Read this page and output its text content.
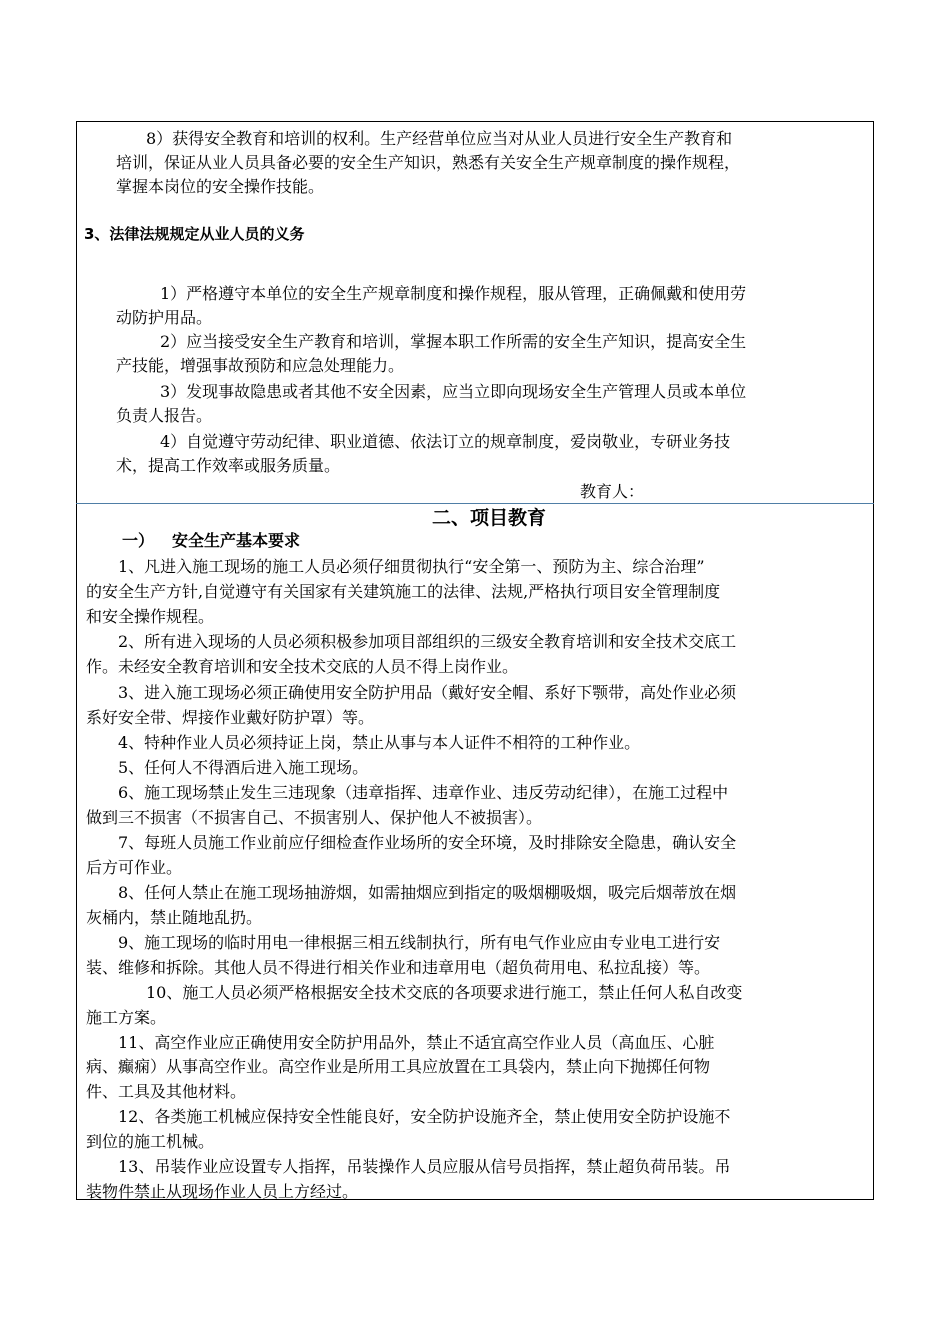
8）获得安全教育和培训的权利。生产经营单位应当对从业人员进行安全生产教育和
培训，保证从业人员具备必要的安全生产知识，熟悉有关安全生产规章制度的操作规程，
掌握本岗位的安全操作技能。
3、法律法规规定从业人员的义务
1）严格遵守本单位的安全生产规章制度和操作规程，服从管理，正确佩戴和使用劳
动防护用品。
2）应当接受安全生产教育和培训，掌握本职工作所需的安全生产知识，提高安全生
产技能，增强事故预防和应急处理能力。
3）发现事故隐患或者其他不安全因素，应当立即向现场安全生产管理人员或本单位
负责人报告。
4）自觉遵守劳动纪律、职业道德、依法订立的规章制度，爱岗敬业，专研业务技
术，提高工作效率或服务质量。
教育人：
二、项目教育
一） 安全生产基本要求
1、凡进入施工现场的施工人员必须仔细贯彻执行“安全第一、预防为主、综合治理”
的安全生产方针,自觉遵守有关国家有关建筑施工的法律、法规,严格执行项目安全管理制度
和安全操作规程。
2、所有进入现场的人员必须积极参加项目部组织的三级安全教育培训和安全技术交底工
作。未经安全教育培训和安全技术交底的人员不得上岗作业。
3、进入施工现场必须正确使用安全防护用品（戴好安全帽、系好下颚带，高处作业必须
系好安全带、焊接作业戴好防护罩）等。
4、特种作业人员必须持证上岗，禁止从事与本人证件不相符的工种作业。
5、任何人不得酒后进入施工现场。
6、施工现场禁止发生三违现象（违章指挥、违章作业、违反劳动纪律），在施工过程中
做到三不损害（不损害自己、不损害别人、保护他人不被损害）。
7、每班人员施工作业前应仔细检查作业场所的安全环境，及时排除安全隐患，确认安全
后方可作业。
8、任何人禁止在施工现场抽游烟，如需抽烟应到指定的吸烟棚吸烟，吸完后烟蒂放在烟
灰桶内，禁止随地乱扔。
9、施工现场的临时用电一律根据三相五线制执行，所有电气作业应由专业电工进行安
装、维修和拆除。其他人员不得进行相关作业和违章用电（超负荷用电、私拉乱接）等。
10、施工人员必须严格根据安全技术交底的各项要求进行施工，禁止任何人私自改变
施工方案。
11、高空作业应正确使用安全防护用品外，禁止不适宜高空作业人员（高血压、心脏
病、癫痫）从事高空作业。高空作业是所用工具应放置在工具袋内，禁止向下抛掷任何物
件、工具及其他材料。
12、各类施工机械应保持安全性能良好，安全防护设施齐全，禁止使用安全防护设施不
到位的施工机械。
13、吊装作业应设置专人指挥，吊装操作人员应服从信号员指挥，禁止超负荷吊装。吊
装物件禁止从现场作业人员上方经过。
